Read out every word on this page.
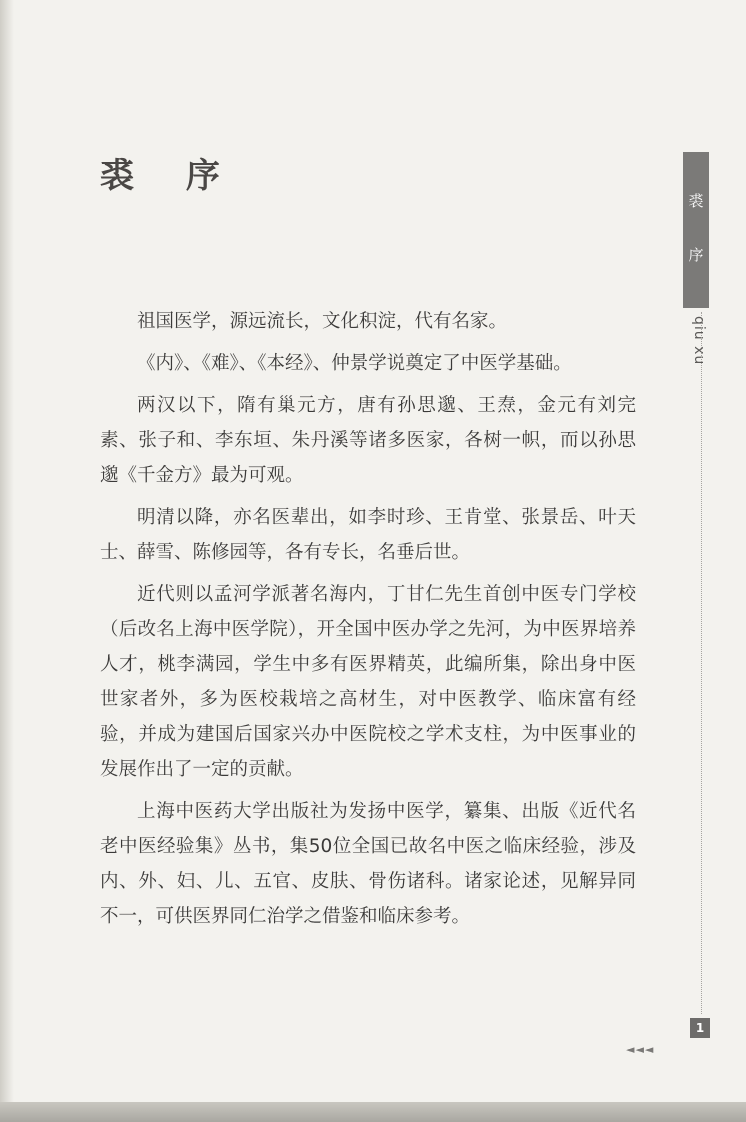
裘 序

祖国医学，源远流长，文化积淀，代有名家。

《内》、《难》、《本经》、仲景学说奠定了中医学基础。

两汉以下，隋有巢元方，唐有孙思邈、王焘，金元有刘完素、张子和、李东垣、朱丹溪等诸多医家，各树一帜，而以孙思邈《千金方》最为可观。

明清以降，亦名医辈出，如李时珍、王肯堂、张景岳、叶天士、薛雪、陈修园等，各有专长，名垂后世。

近代则以孟河学派著名海内，丁甘仁先生首创中医专门学校（后改名上海中医学院），开全国中医办学之先河，为中医界培养人才，桃李满园，学生中多有医界精英，此编所集，除出身中医世家者外，多为医校栽培之高材生，对中医教学、临床富有经验，并成为建国后国家兴办中医院校之学术支柱，为中医事业的发展作出了一定的贡献。

上海中医药大学出版社为发扬中医学，纂集、出版《近代名老中医经验集》丛书，集50位全国已故名中医之临床经验，涉及内、外、妇、儿、五官、皮肤、骨伤诸科。诸家论述，见解异同不一，可供医界同仁治学之借鉴和临床参考。

裘
序
qiu xu
1
◄◄◄
